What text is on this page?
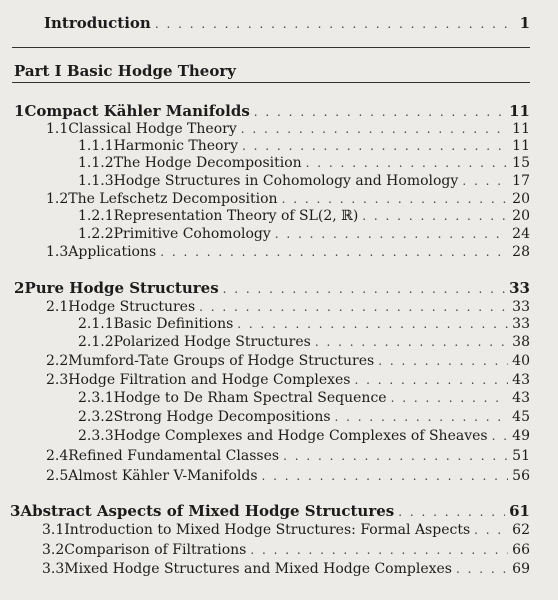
Introduction . . .	1
Part I Basic Hodge Theory
1 Compact Kähler Manifolds . . .	11
1.1 Classical Hodge Theory . . .	11
1.1.1 Harmonic Theory . . .	11
1.1.2 The Hodge Decomposition . . .	15
1.1.3 Hodge Structures in Cohomology and Homology . . .	17
1.2 The Lefschetz Decomposition . . .	20
1.2.1 Representation Theory of SL(2, ℝ) . . .	20
1.2.2 Primitive Cohomology . . .	24
1.3 Applications . . .	28
2 Pure Hodge Structures . . .	33
2.1 Hodge Structures . . .	33
2.1.1 Basic Definitions . . .	33
2.1.2 Polarized Hodge Structures . . .	38
2.2 Mumford-Tate Groups of Hodge Structures . . .	40
2.3 Hodge Filtration and Hodge Complexes . . .	43
2.3.1 Hodge to De Rham Spectral Sequence . . .	43
2.3.2 Strong Hodge Decompositions . . .	45
2.3.3 Hodge Complexes and Hodge Complexes of Sheaves . . . 49
2.4 Refined Fundamental Classes . . .	51
2.5 Almost Kähler V-Manifolds . . .	56
3 Abstract Aspects of Mixed Hodge Structures . . .	61
3.1 Introduction to Mixed Hodge Structures: Formal Aspects . . .	62
3.2 Comparison of Filtrations . . .	66
3.3 Mixed Hodge Structures and Mixed Hodge Complexes . . .	69
